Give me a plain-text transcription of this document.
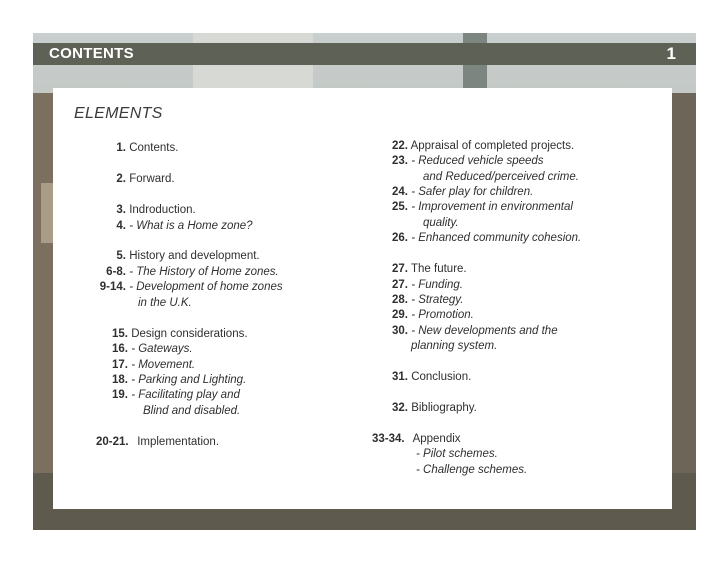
CONTENTS	1
ELEMENTS
1. Contents.
2. Forward.
3. Indroduction.
4. - What is a Home zone?
5. History and development.
6-8. - The History of Home zones.
9-14. - Development of home zones
in the U.K.
15. Design considerations.
16. - Gateways.
17. - Movement.
18. - Parking and Lighting.
19. - Facilitating play and
Blind and disabled.
20-21. Implementation.
22. Appraisal of completed projects.
23. - Reduced vehicle speeds
and Reduced/perceived crime.
24. - Safer play for children.
25. - Improvement in environmental
quality.
26. - Enhanced community cohesion.
27. The future.
27. - Funding.
28. - Strategy.
29. - Promotion.
30. - New developments and the
planning system.
31. Conclusion.
32. Bibliography.
33-34. Appendix
- Pilot schemes.
- Challenge schemes.
